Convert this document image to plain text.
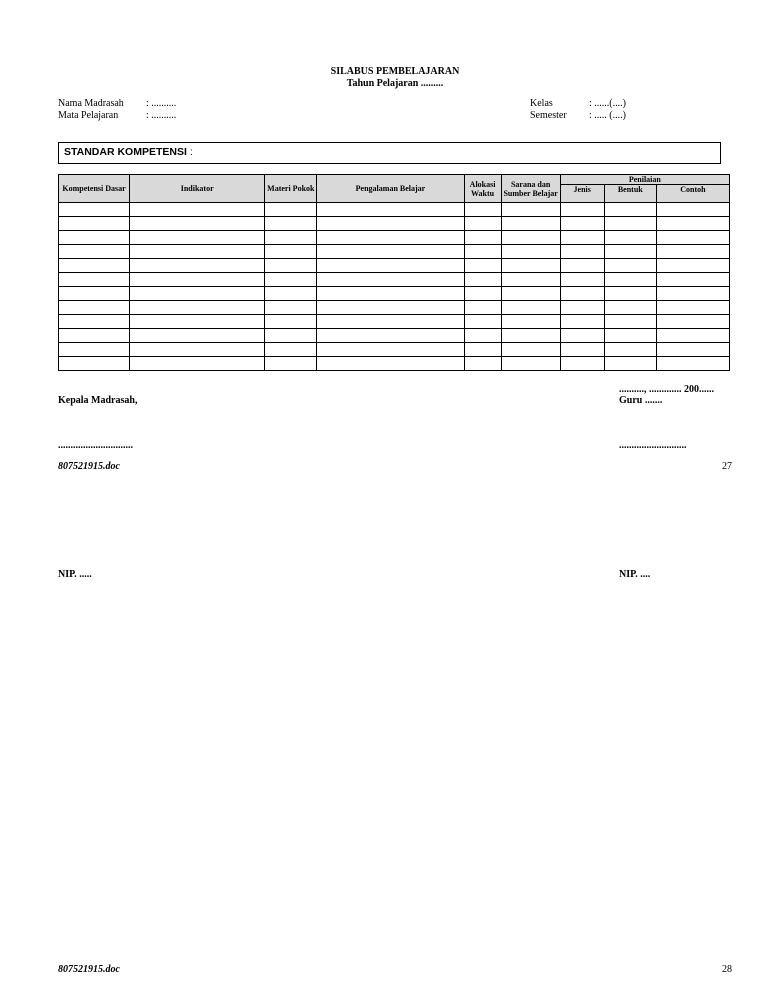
SILABUS PEMBELAJARAN
Tahun Pelajaran .........
Nama Madrasah : ..........
Mata Pelajaran	: ..........
Kelas	: ......(....)
Semester : ..... (....)
STANDAR KOMPETENSI :
Kompetensi Dasar	Indikator	Materi Pokok	Pengalaman Belajar	Alokasi Waktu	Sarana dan Sumber Belajar	Penilaian		
						Jenis	Bentuk	Contoh

.........., ............. 200......
Kepala Madrasah,	Guru .......
..............................	...........................
807521915.doc	27
NIP. .....	NIP. ....
807521915.doc	28
